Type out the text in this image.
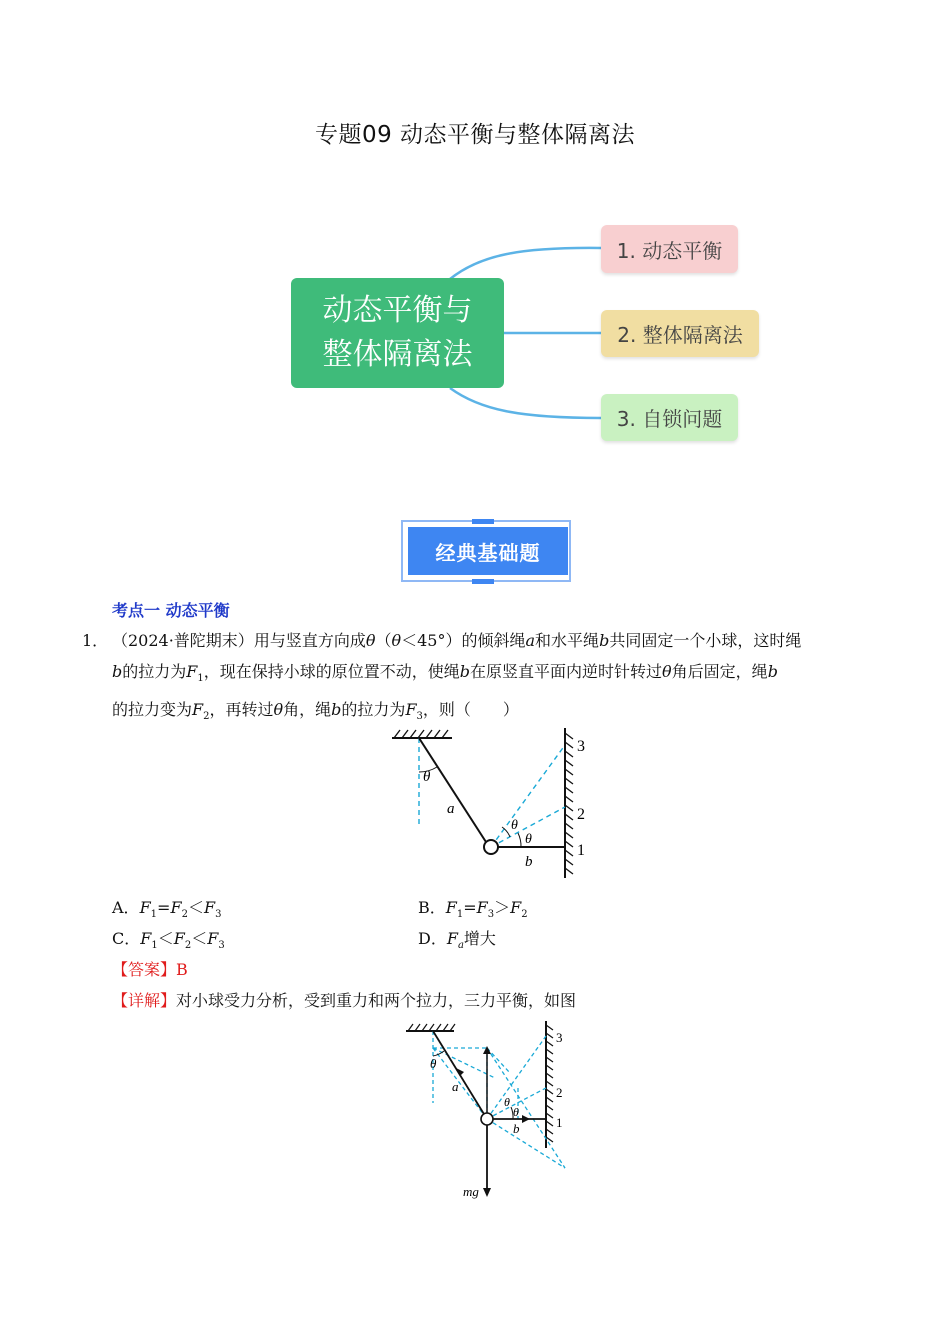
专题09 动态平衡与整体隔离法
动态平衡与
整体隔离法
1. 动态平衡
2. 整体隔离法
3. 自锁问题
经典基础题
考点一 动态平衡
1． （2024·普陀期末）用与竖直方向成θ（θ＜45°）的倾斜绳a和水平绳b共同固定一个小球，这时绳
b的拉力为$F_1$，现在保持小球的原位置不动，使绳b在原竖直平面内逆时针转过θ角后固定，绳b
的拉力变为$F_2$，再转过θ角，绳b的拉力为$F_3$，则（　　）
θ
a
b
θ
θ
1
2
3
A．$F_1=F_2<F_3$	B．$F_1=F_3>F_2$
C．$F_1<F_2<F_3$	D．$F_a$增大
【答案】B
【详解】对小球受力分析，受到重力和两个拉力，三力平衡，如图
θ
a
b
θ
θ
1
2
3
mg
